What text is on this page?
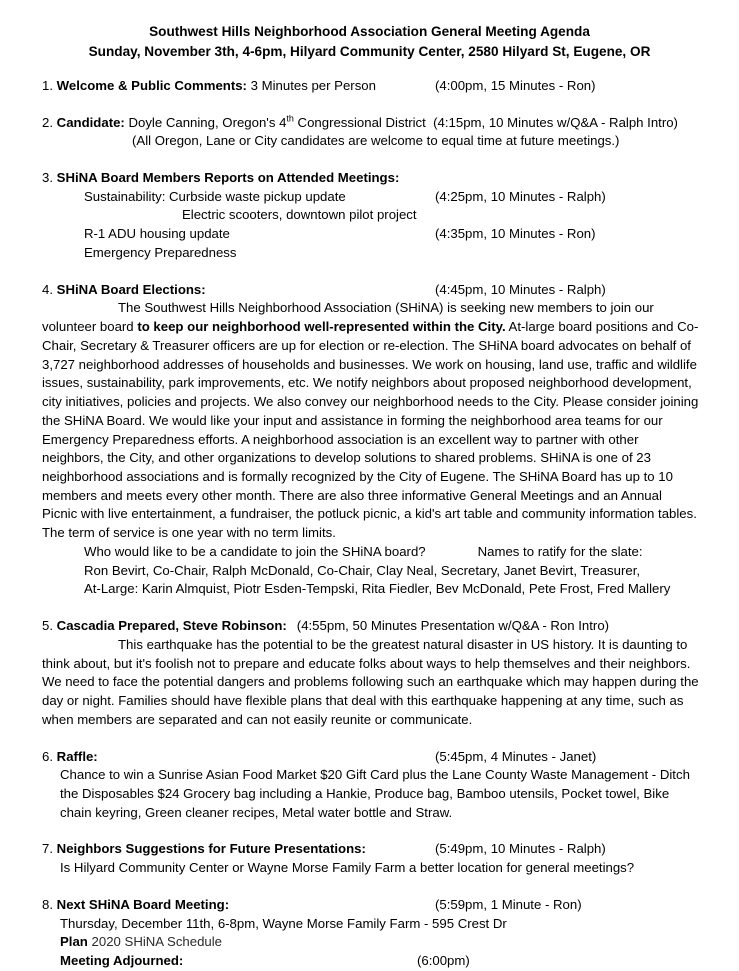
Southwest Hills Neighborhood Association General Meeting Agenda
Sunday, November 3th, 4-6pm, Hilyard Community Center, 2580 Hilyard St, Eugene, OR
1. Welcome & Public Comments: 3 Minutes per Person	(4:00pm, 15 Minutes - Ron)
2. Candidate: Doyle Canning, Oregon's 4th Congressional District (4:15pm, 10 Minutes w/Q&A - Ralph Intro)
(All Oregon, Lane or City candidates are welcome to equal time at future meetings.)
3. SHiNA Board Members Reports on Attended Meetings:
Sustainability: Curbside waste pickup update	(4:25pm, 10 Minutes - Ralph)
Electric scooters, downtown pilot project
R-1 ADU housing update	(4:35pm, 10 Minutes - Ron)
Emergency Preparedness
4. SHiNA Board Elections:	(4:45pm, 10 Minutes - Ralph)

The Southwest Hills Neighborhood Association (SHiNA) is seeking new members to join our volunteer board to keep our neighborhood well-represented within the City. At-large board positions and Co-Chair, Secretary & Treasurer officers are up for election or re-election. The SHiNA board advocates on behalf of 3,727 neighborhood addresses of households and businesses. We work on housing, land use, traffic and wildlife issues, sustainability, park improvements, etc. We notify neighbors about proposed neighborhood development, city initiatives, policies and projects. We also convey our neighborhood needs to the City. Please consider joining the SHiNA Board. We would like your input and assistance in forming the neighborhood area teams for our Emergency Preparedness efforts. A neighborhood association is an excellent way to partner with other neighbors, the City, and other organizations to develop solutions to shared problems. SHiNA is one of 23 neighborhood associations and is formally recognized by the City of Eugene. The SHiNA Board has up to 10 members and meets every other month. There are also three informative General Meetings and an Annual Picnic with live entertainment, a fundraiser, the potluck picnic, a kid's art table and community information tables. The term of service is one year with no term limits.

Who would like to be a candidate to join the SHiNA board?	Names to ratify for the slate:
Ron Bevirt, Co-Chair, Ralph McDonald, Co-Chair, Clay Neal, Secretary, Janet Bevirt, Treasurer,
At-Large: Karin Almquist, Piotr Esden-Tempski, Rita Fiedler, Bev McDonald, Pete Frost, Fred Mallery
5. Cascadia Prepared, Steve Robinson: (4:55pm, 50 Minutes Presentation w/Q&A - Ron Intro)

This earthquake has the potential to be the greatest natural disaster in US history. It is daunting to think about, but it's foolish not to prepare and educate folks about ways to help themselves and their neighbors. We need to face the potential dangers and problems following such an earthquake which may happen during the day or night. Families should have flexible plans that deal with this earthquake happening at any time, such as when members are separated and can not easily reunite or communicate.

6. Raffle:	(5:45pm, 4 Minutes - Janet)

Chance to win a Sunrise Asian Food Market $20 Gift Card plus the Lane County Waste Management - Ditch the Disposables $24 Grocery bag including a Hankie, Produce bag, Bamboo utensils, Pocket towel, Bike chain keyring, Green cleaner recipes, Metal water bottle and Straw.

7. Neighbors Suggestions for Future Presentations:	(5:49pm, 10 Minutes - Ralph)
Is Hilyard Community Center or Wayne Morse Family Farm a better location for general meetings?
8. Next SHiNA Board Meeting:	(5:59pm, 1 Minute - Ron)
Thursday, December 11th, 6-8pm, Wayne Morse Family Farm - 595 Crest Dr
Plan 2020 SHiNA Schedule
Meeting Adjourned:	(6:00pm)
